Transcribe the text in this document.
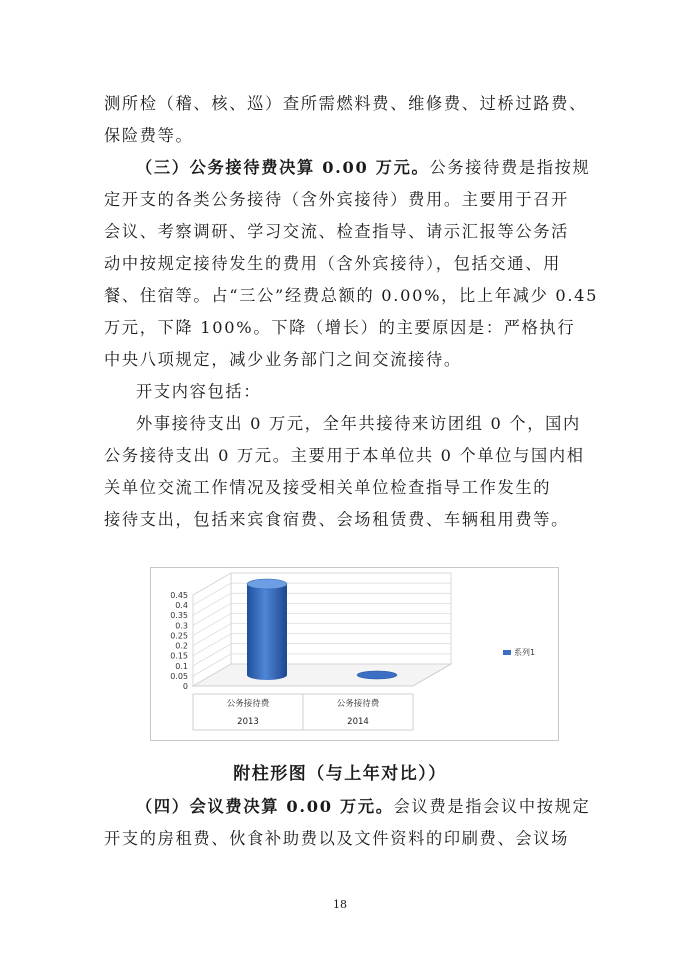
测所检（稽、核、巡）查所需燃料费、维修费、过桥过路费、
保险费等。
（三）公务接待费决算 0.00 万元。公务接待费是指按规
定开支的各类公务接待（含外宾接待）费用。主要用于召开
会议、考察调研、学习交流、检查指导、请示汇报等公务活
动中按规定接待发生的费用（含外宾接待），包括交通、用
餐、住宿等。占“三公”经费总额的 0.00%，比上年减少 0.45
万元，下降 100%。下降（增长）的主要原因是：严格执行
中央八项规定，减少业务部门之间交流接待。
开支内容包括：
外事接待支出 0 万元，全年共接待来访团组 0 个，国内
公务接待支出 0 万元。主要用于本单位共 0 个单位与国内相
关单位交流工作情况及接受相关单位检查指导工作发生的
接待支出，包括来宾食宿费、会场租赁费、车辆租用费等。
0
0.05
0.1
0.15
0.2
0.25
0.3
0.35
0.4
0.45
公务接待费
2013
公务接待费
2014
系列1
附柱形图（与上年对比））
（四）会议费决算 0.00 万元。会议费是指会议中按规定
开支的房租费、伙食补助费以及文件资料的印刷费、会议场
18
